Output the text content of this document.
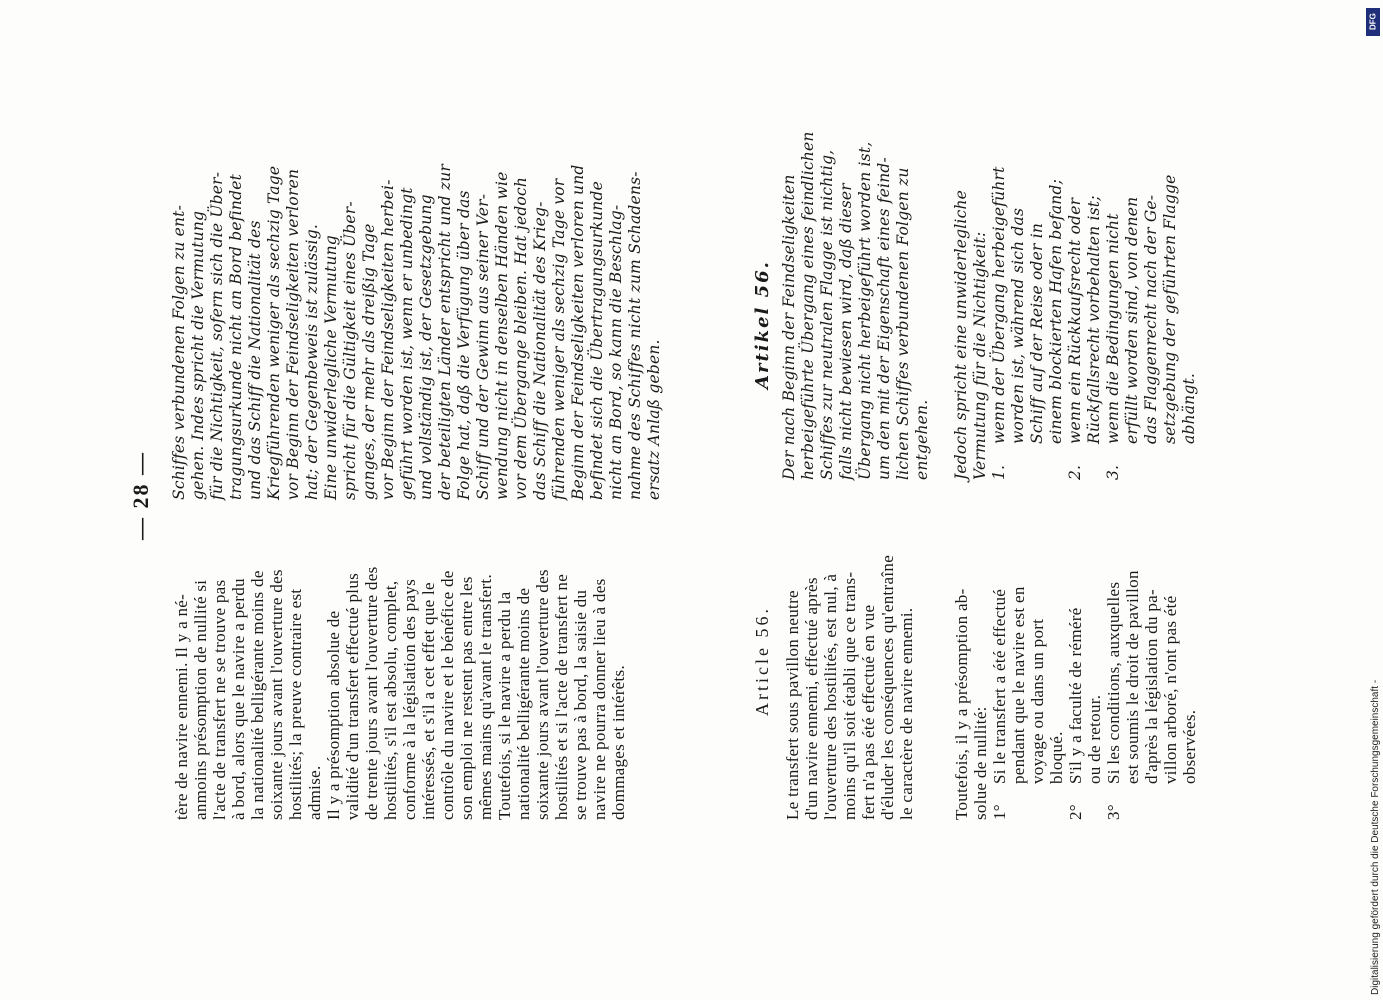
— 28 —

tère de navire ennemi. Il y a né- anmoins présomption de nullité si l'acte de transfert ne se trouve pas à bord, alors que le navire a perdu la nationalité belligérante moins de soixante jours avant l'ouverture des hostilités; la preuve contraire est admise. Il y a présomption absolue de validité d'un transfert effectué plus de trente jours avant l'ouverture des hostilités, s'il est absolu, complet, conforme à la législation des pays intéressés, et s'il a cet effet que le contrôle du navire et le bénéfice de son emploi ne restent pas entre les mêmes mains qu'avant le transfert. Toutefois, si le navire a perdu la nationalité belligérante moins de soixante jours avant l'ouverture des hostilités et si l'acte de transfert ne se trouve pas à bord, la saisie du navire ne pourra donner lieu à des dommages et intérêts.

Schiffes verbundenen Folgen zu ent- gehen. Indes spricht die Vermutung für die Nichtigkeit, sofern sich die Über- tragungsurkunde nicht an Bord befindet und das Schiff die Nationalität des Kriegführenden weniger als sechzig Tage vor Beginn der Feindseligkeiten verloren hat; der Gegenbeweis ist zulässig. Eine unwiderlegliche Vermutung spricht für die Gültigkeit eines Über- ganges, der mehr als dreißig Tage vor Beginn der Feindseligkeiten herbei- geführt worden ist, wenn er unbedingt und vollständig ist, der Gesetzgebung der beteiligten Länder entspricht und zur Folge hat, daß die Verfügung über das Schiff und der Gewinn aus seiner Ver- wendung nicht in denselben Händen wie vor dem Übergange bleiben. Hat jedoch das Schiff die Nationalität des Krieg- führenden weniger als sechzig Tage vor Beginn der Feindseligkeiten verloren und befindet sich die Übertragungsurkunde nicht an Bord, so kann die Beschlag- nahme des Schiffes nicht zum Schadens- ersatz Anlaß geben.

Article 56.
Artikel 56.

Le transfert sous pavillon neutre d'un navire ennemi, effectué après l'ouverture des hostilités, est nul, à moins qu'il soit établi que ce trans- fert n'a pas été effectué en vue d'éluder les conséquences qu'entraîne le caractère de navire ennemi.

Der nach Beginn der Feindseligkeiten herbeigeführte Übergang eines feindlichen Schiffes zur neutralen Flagge ist nichtig, falls nicht bewiesen wird, daß dieser Übergang nicht herbeigeführt worden ist, um den mit der Eigenschaft eines feind- lichen Schiffes verbundenen Folgen zu entgehen.

Toutefois, il y a présomption ab- solue de nullité: 1°

Si le transfert a été effectué pendant que le navire est en voyage ou dans un port bloqué.

2°

S'il y a faculté de réméré ou de retour.

3°

Si les conditions, auxquelles est soumis le droit de pavillon d'après la législation du pa- villon arboré, n'ont pas été observées.

Jedoch spricht eine unwiderlegliche Vermutung für die Nichtigkeit: 1.

wenn der Übergang herbeigeführt worden ist, während sich das Schiff auf der Reise oder in einem blockierten Hafen befand;

2.

wenn ein Rückkaufsrecht oder Rückfallsrecht vorbehalten ist;

3.

wenn die Bedingungen nicht erfüllt worden sind, von denen das Flaggenrecht nach der Ge- setzgebung der geführten Flagge abhängt.

Digitalisierung gefördert durch die Deutsche Forschungsgemeinschaft -
DFG
